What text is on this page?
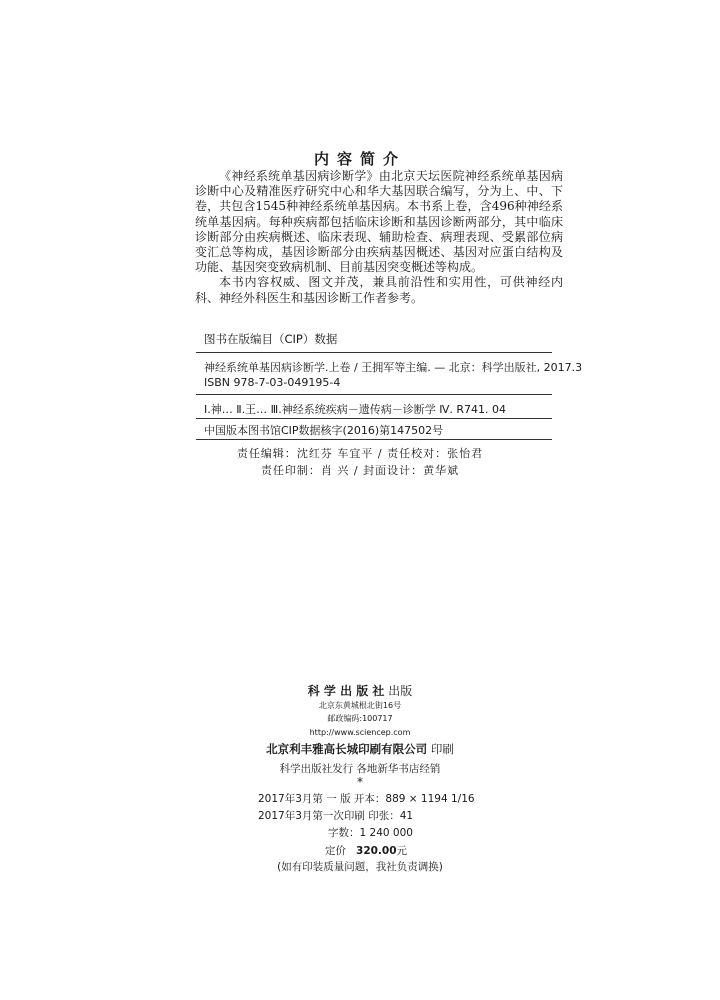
内容简介

《神经系统单基因病诊断学》由北京天坛医院神经系统单基因病诊断中心及精准医疗研究中心和华大基因联合编写，分为上、中、下卷，共包含1545种神经系统单基因病。本书系上卷，含496种神经系统单基因病。每种疾病都包括临床诊断和基因诊断两部分，其中临床诊断部分由疾病概述、临床表现、辅助检查、病理表现、受累部位病变汇总等构成，基因诊断部分由疾病基因概述、基因对应蛋白结构及功能、基因突变致病机制、目前基因突变概述等构成。

本书内容权威、图文并茂，兼具前沿性和实用性，可供神经内科、神经外科医生和基因诊断工作者参考。

图书在版编目（CIP）数据
神经系统单基因病诊断学.上卷 / 王拥军等主编. — 北京：科学出版社, 2017.3
ISBN 978-7-03-049195-4
Ⅰ.神… Ⅱ.王… Ⅲ.神经系统疾病－遗传病－诊断学 Ⅳ. R741. 04
中国版本图书馆CIP数据核字(2016)第147502号
责任编辑：沈红芬 车宜平 / 责任校对：张怡君
责任印制：肖 兴 / 封面设计：黄华斌
科 学 出 版 社 出版
北京东黄城根北街16号
邮政编码:100717
http://www.sciencep.com
北京利丰雅高长城印刷有限公司 印刷
科学出版社发行 各地新华书店经销
*
2017年3月第 一 版 开本：889 × 1194 1/16
2017年3月第一次印刷 印张：41
字数：1 240 000
定价 320.00元
(如有印装质量问题，我社负责调换)
